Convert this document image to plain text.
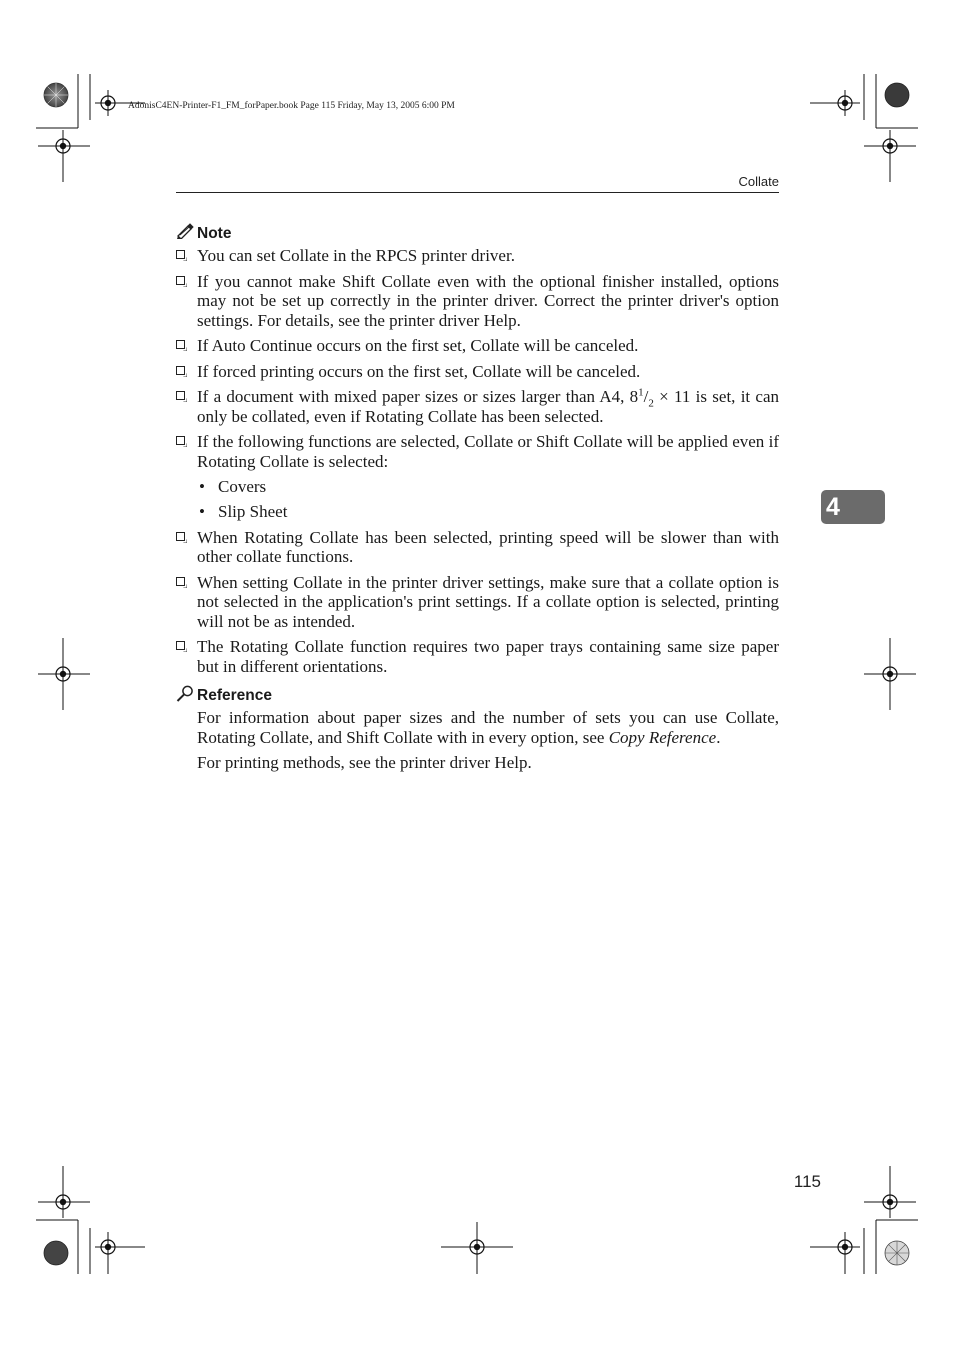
AdonisC4EN-Printer-F1_FM_forPaper.book Page 115 Friday, May 13, 2005 6:00 PM
Collate
4
Note
You can set Collate in the RPCS printer driver.
If you cannot make Shift Collate even with the optional finisher installed, options may not be set up correctly in the printer driver. Correct the printer driver's option settings. For details, see the printer driver Help.
If Auto Continue occurs on the first set, Collate will be canceled.
If forced printing occurs on the first set, Collate will be canceled.
If a document with mixed paper sizes or sizes larger than A4, $8^1/_2 \times 11$ is set, it can only be collated, even if Rotating Collate has been selected.
If the following functions are selected, Collate or Shift Collate will be applied even if Rotating Collate is selected:
• Covers
• Slip Sheet
When Rotating Collate has been selected, printing speed will be slower than with other collate functions.
When setting Collate in the printer driver settings, make sure that a collate option is not selected in the application's print settings. If a collate option is selected, printing will not be as intended.
The Rotating Collate function requires two paper trays containing same size paper but in different orientations.
Reference
For information about paper sizes and the number of sets you can use Collate, Rotating Collate, and Shift Collate with in every option, see Copy Reference.
For printing methods, see the printer driver Help.
115
